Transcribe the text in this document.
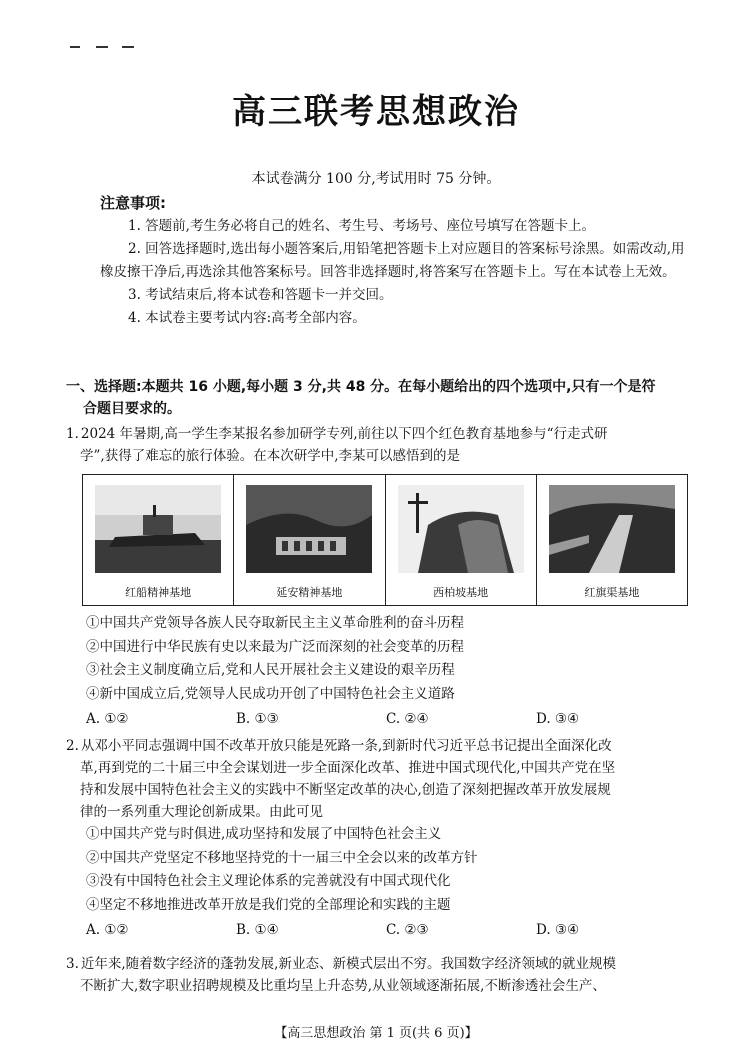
高三联考思想政治
本试卷满分 100 分,考试用时 75 分钟。
注意事项:

1. 答题前,考生务必将自己的姓名、考生号、考场号、座位号填写在答题卡上。

2. 回答选择题时,选出每小题答案后,用铅笔把答题卡上对应题目的答案标号涂黑。如需改动,用橡皮擦干净后,再选涂其他答案标号。回答非选择题时,将答案写在答题卡上。写在本试卷上无效。

3. 考试结束后,将本试卷和答题卡一并交回。

4. 本试卷主要考试内容:高考全部内容。

一、选择题:本题共 16 小题,每小题 3 分,共 48 分。在每小题给出的四个选项中,只有一个是符
合题目要求的。

1. 2024 年暑期,高一学生李某报名参加研学专列,前往以下四个红色教育基地参与“行走式研

学”,获得了难忘的旅行体验。在本次研学中,李某可以感悟到的是

红船精神基地	延安精神基地	西柏坡基地	红旗渠基地

①中国共产党领导各族人民夺取新民主主义革命胜利的奋斗历程

②中国进行中华民族有史以来最为广泛而深刻的社会变革的历程

③社会主义制度确立后,党和人民开展社会主义建设的艰辛历程

④新中国成立后,党领导人民成功开创了中国特色社会主义道路

A. ①②	B. ①③	C. ②④	D. ③④

2. 从邓小平同志强调中国不改革开放只能是死路一条,到新时代习近平总书记提出全面深化改

革,再到党的二十届三中全会谋划进一步全面深化改革、推进中国式现代化,中国共产党在坚

持和发展中国特色社会主义的实践中不断坚定改革的决心,创造了深刻把握改革开放发展规

律的一系列重大理论创新成果。由此可见

①中国共产党与时俱进,成功坚持和发展了中国特色社会主义

②中国共产党坚定不移地坚持党的十一届三中全会以来的改革方针

③没有中国特色社会主义理论体系的完善就没有中国式现代化

④坚定不移地推进改革开放是我们党的全部理论和实践的主题

A. ①②	B. ①④	C. ②③	D. ③④

3. 近年来,随着数字经济的蓬勃发展,新业态、新模式层出不穷。我国数字经济领域的就业规模

不断扩大,数字职业招聘规模及比重均呈上升态势,从业领域逐渐拓展,不断渗透社会生产、

【高三思想政治 第 1 页(共 6 页)】
